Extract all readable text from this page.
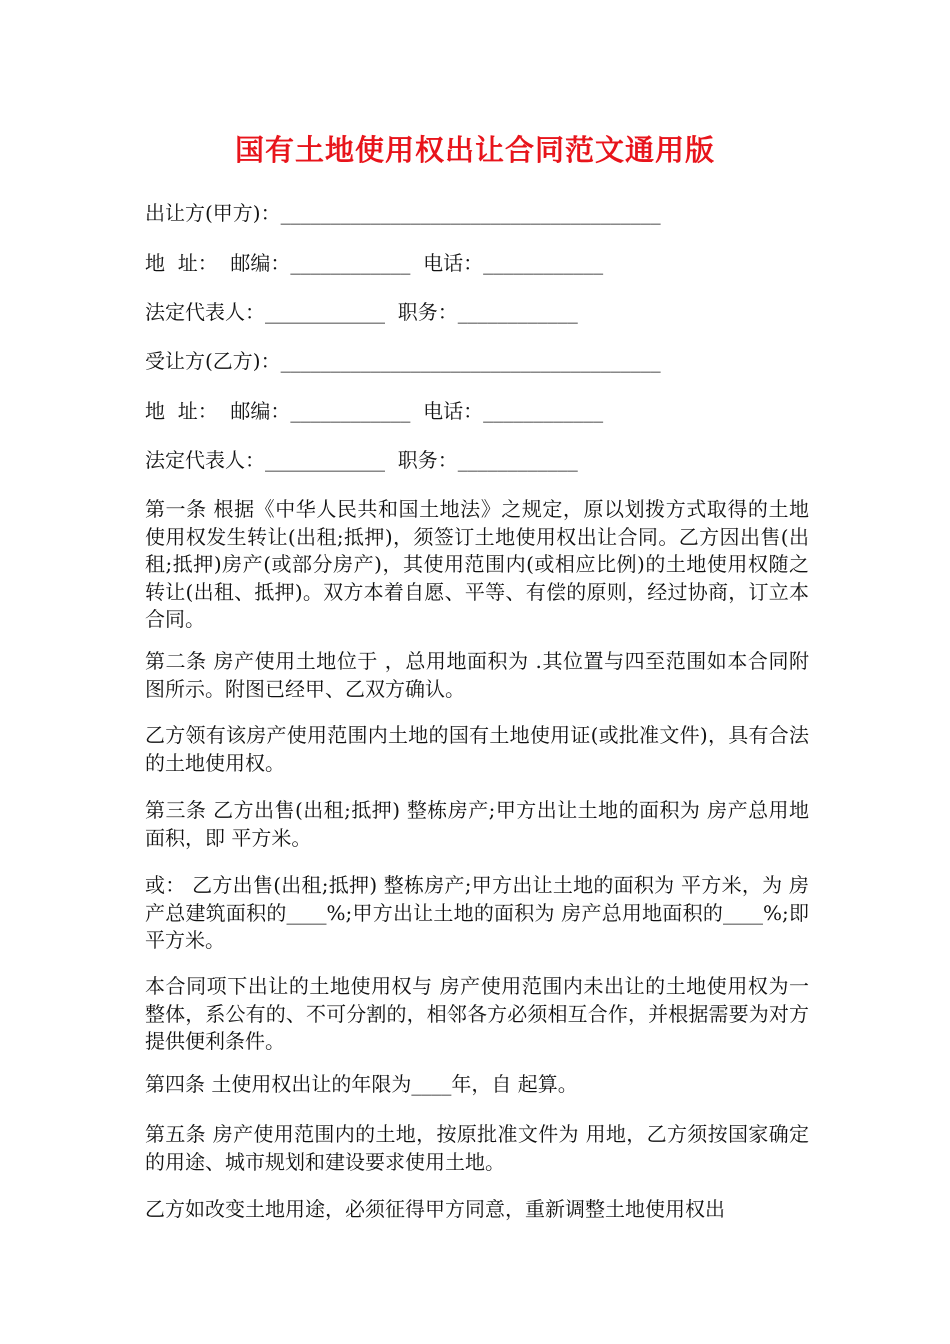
国有土地使用权出让合同范文通用版
出让方(甲方)：______________________________________
地  址：  邮编：____________  电话：____________
法定代表人：____________  职务：____________
受让方(乙方)：______________________________________
地  址：  邮编：____________  电话：____________
法定代表人：____________  职务：____________
第一条 根据《中华人民共和国土地法》之规定，原以划拨方式取得的土地使用权发生转让(出租;抵押)，须签订土地使用权出让合同。乙方因出售(出租;抵押)房产(或部分房产)，其使用范围内(或相应比例)的土地使用权随之转让(出租、抵押)。双方本着自愿、平等、有偿的原则，经过协商，订立本合同。
第二条 房产使用土地位于 ，总用地面积为 .其位置与四至范围如本合同附图所示。附图已经甲、乙双方确认。
乙方领有该房产使用范围内土地的国有土地使用证(或批准文件)，具有合法的土地使用权。
第三条 乙方出售(出租;抵押) 整栋房产;甲方出让土地的面积为 房产总用地面积，即 平方米。
或： 乙方出售(出租;抵押) 整栋房产;甲方出让土地的面积为 平方米，为 房产总建筑面积的____%;甲方出让土地的面积为 房产总用地面积的____%;即 平方米。
本合同项下出让的土地使用权与 房产使用范围内未出让的土地使用权为一整体，系公有的、不可分割的，相邻各方必须相互合作，并根据需要为对方提供便利条件。
第四条 土使用权出让的年限为____年，自 起算。
第五条 房产使用范围内的土地，按原批准文件为 用地，乙方须按国家确定的用途、城市规划和建设要求使用土地。
乙方如改变土地用途，必须征得甲方同意，重新调整土地使用权出
